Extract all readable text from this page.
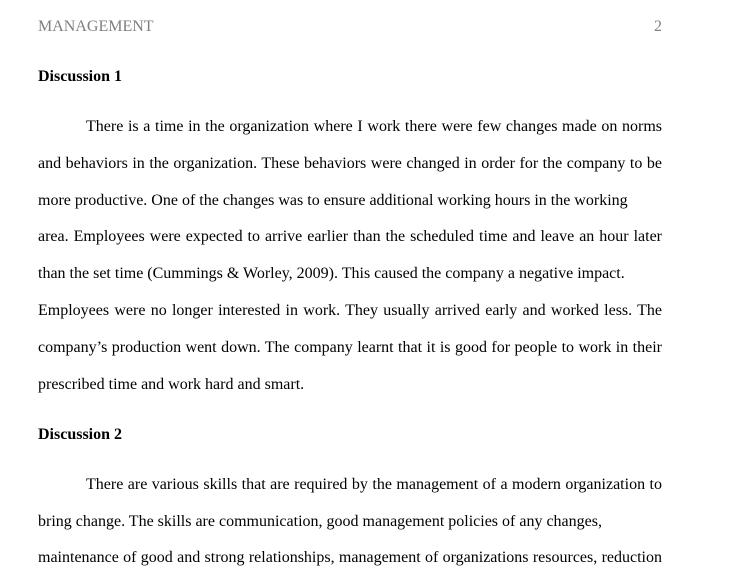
MANAGEMENT	2
Discussion 1
There is a time in the organization where I work there were few changes made on norms
and behaviors in the organization. These behaviors were changed in order for the company to be
more productive. One of the changes was to ensure additional working hours in the working
area. Employees were expected to arrive earlier than the scheduled time and leave an hour later
than the set time (Cummings & Worley, 2009). This caused the company a negative impact.
Employees were no longer interested in work. They usually arrived early and worked less. The
company’s production went down. The company learnt that it is good for people to work in their
prescribed time and work hard and smart.
Discussion 2
There are various skills that are required by the management of a modern organization to
bring change. The skills are communication, good management policies of any changes,
maintenance of good and strong relationships, management of organizations resources, reduction
